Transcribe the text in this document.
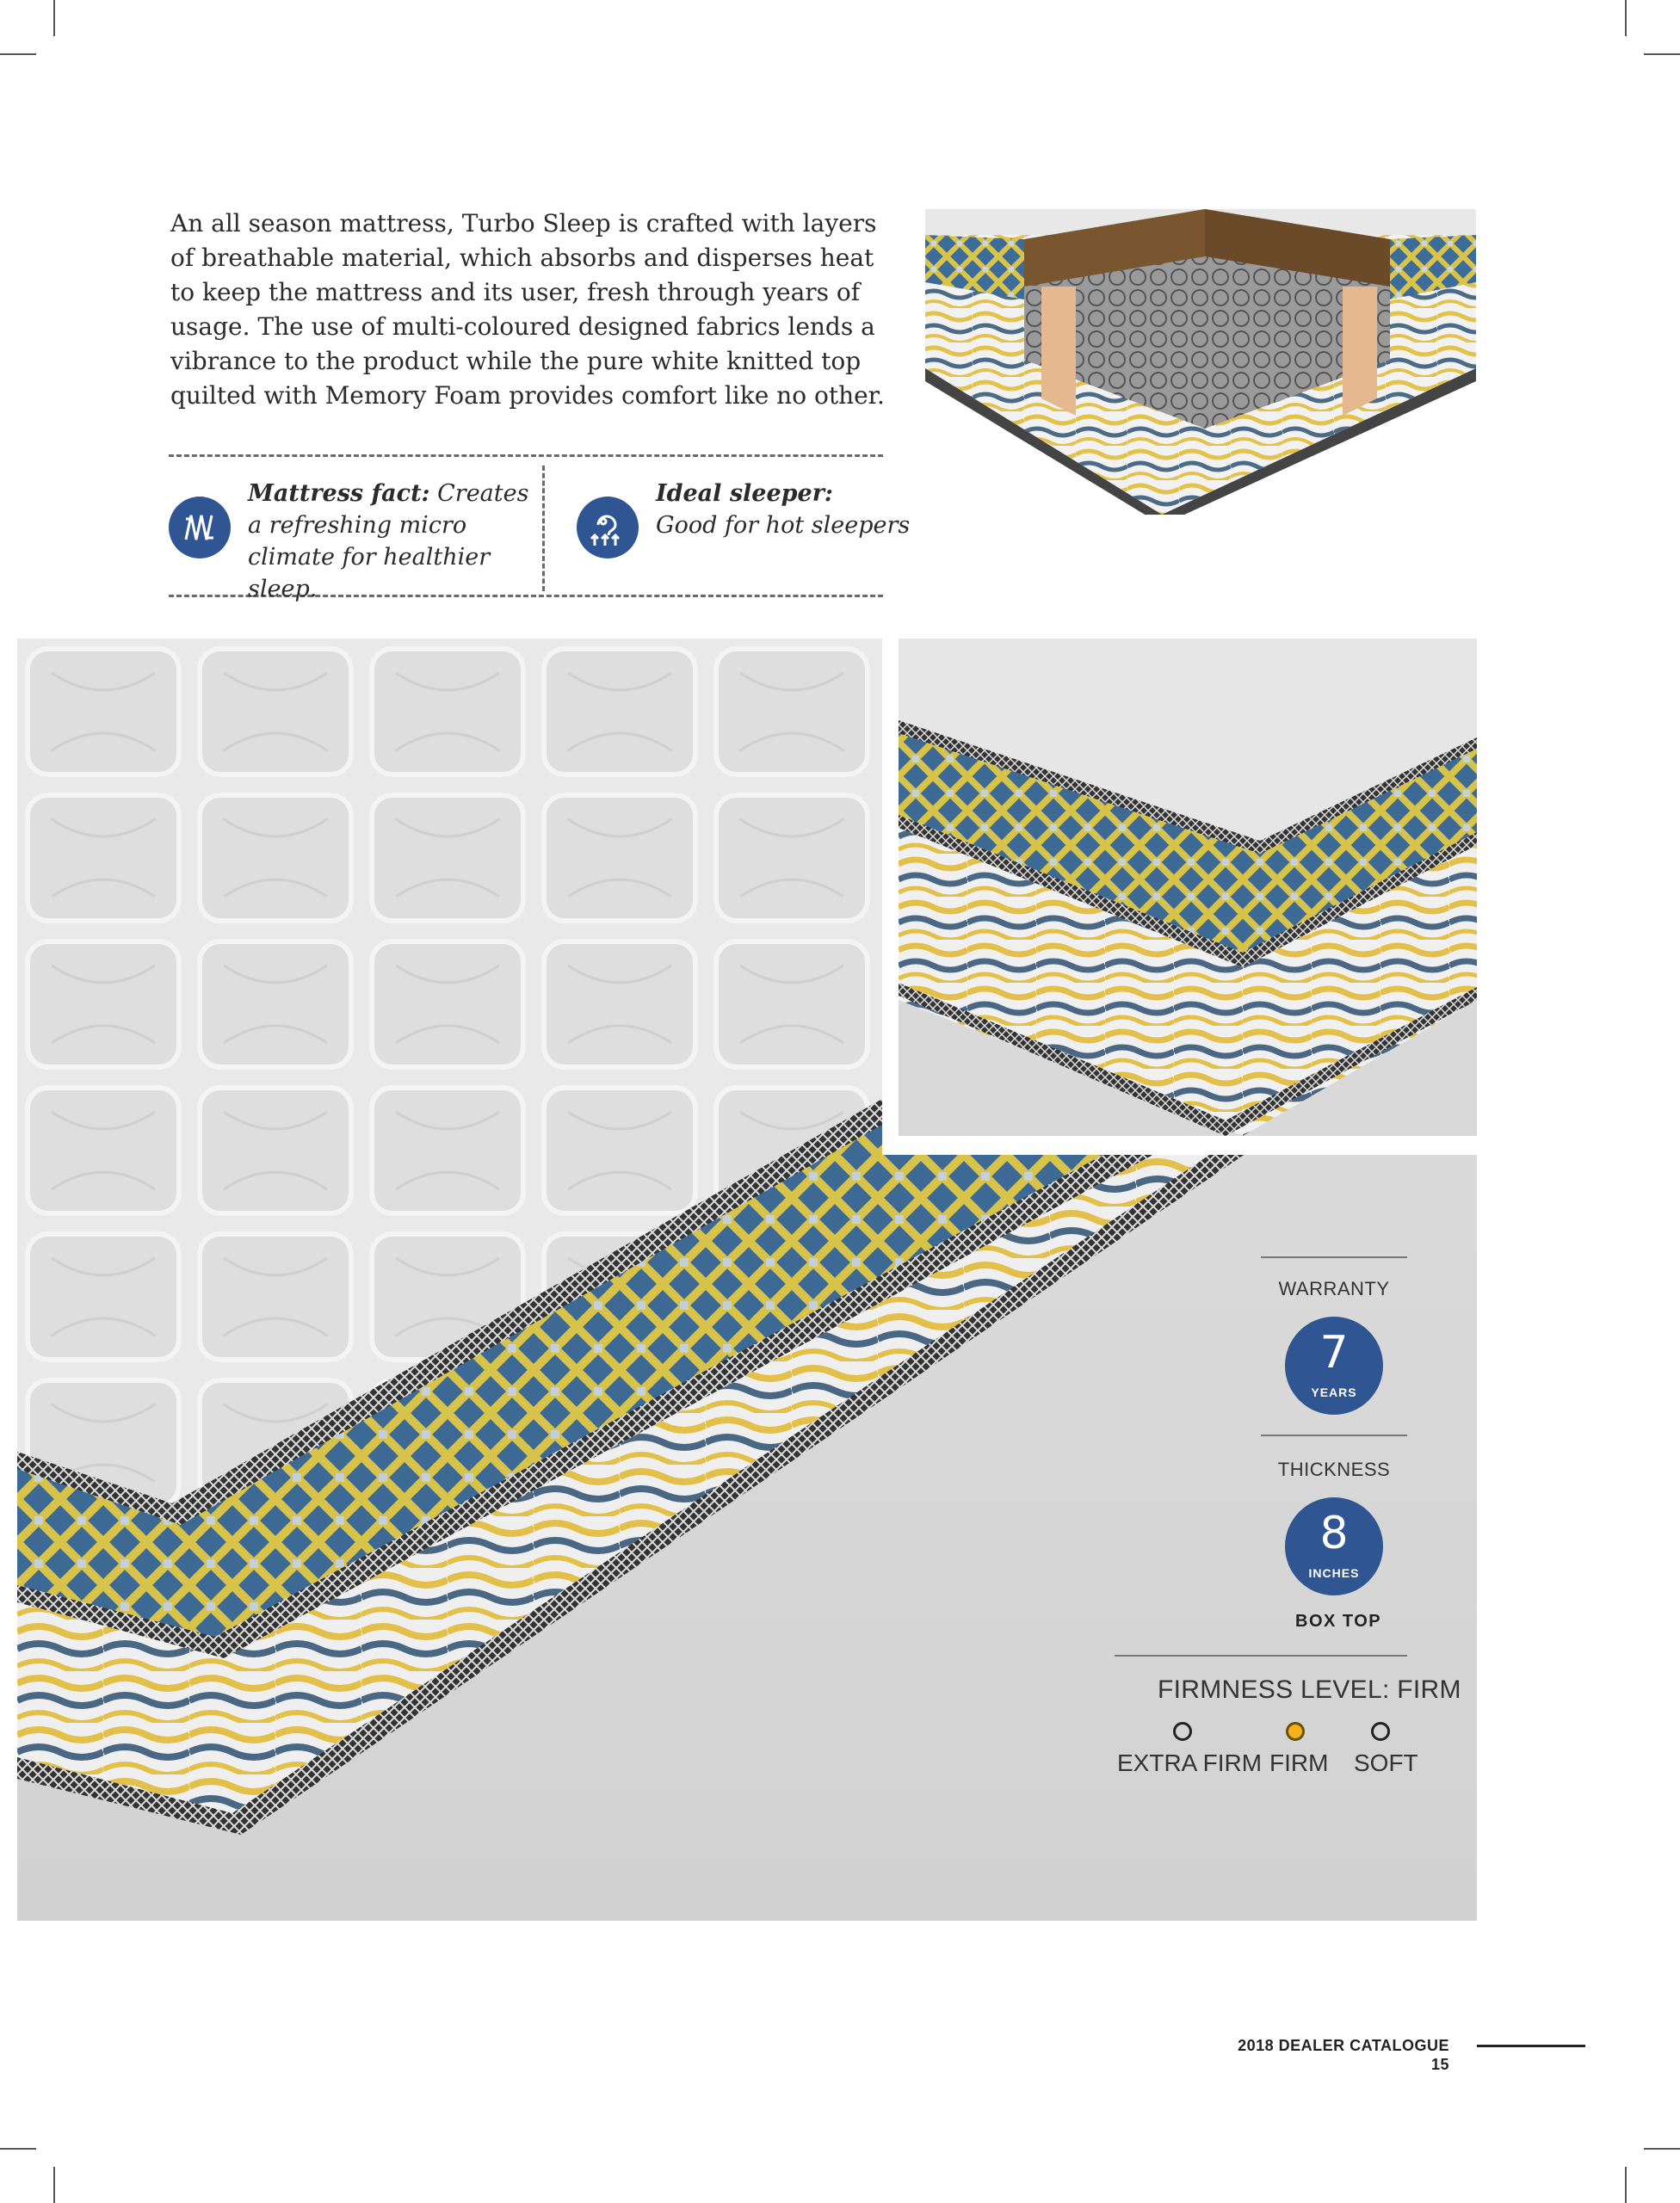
An all season mattress, Turbo Sleep is crafted with layers of breathable material, which absorbs and disperses heat to keep the mattress and its user, fresh through years of usage. The use of multi-coloured designed fabrics lends a vibrance to the product while the pure white knitted top quilted with Memory Foam provides comfort like no other.
Mattress fact: Creates a refreshing micro climate for healthier sleep.
Ideal sleeper:
Good for hot sleepers
WARRANTY
7
YEARS
THICKNESS
8
INCHES
BOX TOP
FIRMNESS LEVEL: FIRM
EXTRA FIRM FIRM SOFT
2018 DEALER CATALOGUE
15
